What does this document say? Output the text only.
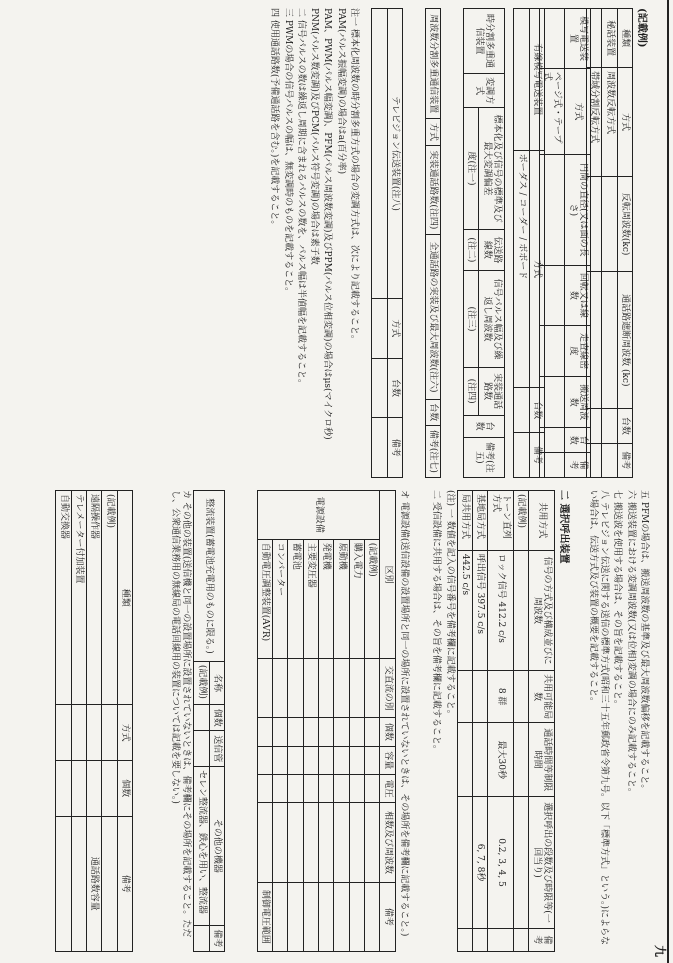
九
(記載例)
種類	方式	反転周波数(kc)	通話路遮断周波数 (kc)	台数	備考
秘話装置	周波数反転方式				
	帯域分割反転方式				
模写電送装置	方式	円筒の直径(又は面の長さ)	回転又は線数	走査線密度	搬送周波数	台数	備考
	ページ式・テープ式						
有線模写電送装置	方式	台数	備考
	ボーダス / コーダー / ボボード		
時分割多重通信装置	変調方式	標本化及び信号の標準及び最大変調偏差	伝送路線数	信号パルス幅及び繰返し周波数	実装通話路数	台数	備考(注五)
		度(注一)	(注二)	(注三)	(注四)		
周波数分割多重通信装置	方式	実装通話路数(注四)	全通話路の実装及び最大周波数(注六)	台数	備考(注七)
テレビジョン伝送装置(注八)	方式	台数	備考

注一 標本化周波数の時分割多重方式の場合の変調方式は、次により記載すること。
PAM(パルス振幅変調)の場合はa(百分率)
PAM、PWM(パルス幅変調)、PFM(パルス周波数変調)及びPPM(パルス位相変調)の場合はμs(マイクロ秒)
PNM(パルス数変調)及びPCM(パルス符号変調)の場合は素子数
二 信号パルスの数は繰返し周期に含まれるパルスの数を、パルス幅は半値幅を記載すること。
三 PWMの場合の信号パルスの幅は、無変調時のものを記載すること。
四 使用通話路数(予備通話路を含む。)を記載すること。
五 PFMの場合は、搬送周波数の基準及び最大周波数偏移を記載すること。
六 搬送装置における変調周波数(又は位相)変調の場合にのみ記載すること。
七 搬送波を使用する場合は、その旨を記載すること。
八 テレビジョン伝送に関する送信の標準方式(昭和三十五年郵政省令第九号。以下「標準方式」という。)によらない場合は、伝送方式及び装置の概要を記載すること。
二 選択呼出装置
共用方式	信号の方式及び構成並びに周波数	共用可能局数	通話時間等制限時間	選択呼出の段数及び時限等(一回当り)	備考
(記載例)					
トーン直列方式	ロック信号 412.2 c/s	8 群	最大30秒	0.2, 3, 4, 5	
基地局方式	呼出信号 397.5 c/s			6, 7, 8秒	
局共用方式	442.5 c/s				
(注) 一 数値を記入の信号番号を備考欄に記載すること。
二 受信設備に共用する場合は、その旨を備考欄に記載すること。
オ 電源設備(送信設備の設置場所と同一の場所に設置されていないときは、その場所を備考欄に記載すること。)
区別		交直流の別	個数	容量	電圧	相数及び周波数	備考
電源設備	(記載例)						
	購入電力						
	原動機						
	発電機						
	主要変圧器						
	蓄電池						
	コンバーター						
	自動電圧調整装置(AVR)						制御電圧範囲
整流装置(蓄電池充電用のものに限る。)	名称	個数	送信管	その他の機器	備考
	(記載例)			セレン整流器、鉄心を用い、整流器	
カ その他の装置(送信機と同一の設置場所に設置されていないときは、備考欄にその場所を記載すること。ただし、公衆通信業務用の無線局の電話回線用の装置については記載を要しない。)
種類	方式	個数	備考
(記載例)			
遠隔操作器			通話路数容量
テレメーター付加装置			
自動交換器			
